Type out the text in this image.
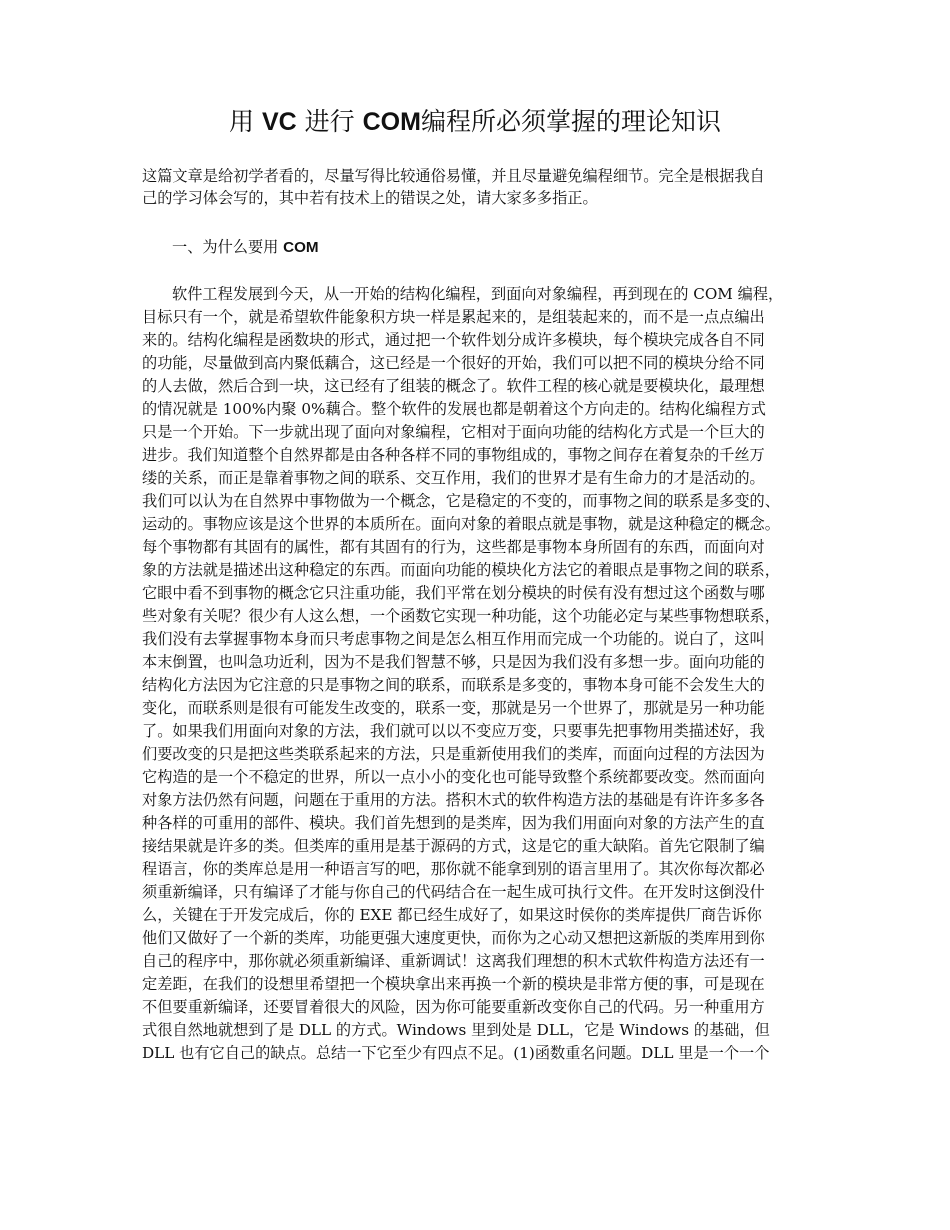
用 VC 进行 COM编程所必须掌握的理论知识
这篇文章是给初学者看的，尽量写得比较通俗易懂，并且尽量避免编程细节。完全是根据我自
己的学习体会写的，其中若有技术上的错误之处，请大家多多指正。
一、为什么要用 COM
软件工程发展到今天，从一开始的结构化编程，到面向对象编程，再到现在的 COM 编程，
目标只有一个，就是希望软件能象积方块一样是累起来的，是组装起来的，而不是一点点编出
来的。结构化编程是函数块的形式，通过把一个软件划分成许多模块，每个模块完成各自不同
的功能，尽量做到高内聚低藕合，这已经是一个很好的开始，我们可以把不同的模块分给不同
的人去做，然后合到一块，这已经有了组装的概念了。软件工程的核心就是要模块化，最理想
的情况就是 100%内聚 0%藕合。整个软件的发展也都是朝着这个方向走的。结构化编程方式
只是一个开始。下一步就出现了面向对象编程，它相对于面向功能的结构化方式是一个巨大的
进步。我们知道整个自然界都是由各种各样不同的事物组成的，事物之间存在着复杂的千丝万
缕的关系，而正是靠着事物之间的联系、交互作用，我们的世界才是有生命力的才是活动的。
我们可以认为在自然界中事物做为一个概念，它是稳定的不变的，而事物之间的联系是多变的、
运动的。事物应该是这个世界的本质所在。面向对象的着眼点就是事物，就是这种稳定的概念。
每个事物都有其固有的属性，都有其固有的行为，这些都是事物本身所固有的东西，而面向对
象的方法就是描述出这种稳定的东西。而面向功能的模块化方法它的着眼点是事物之间的联系，
它眼中看不到事物的概念它只注重功能，我们平常在划分模块的时侯有没有想过这个函数与哪
些对象有关呢？很少有人这么想，一个函数它实现一种功能，这个功能必定与某些事物想联系，
我们没有去掌握事物本身而只考虑事物之间是怎么相互作用而完成一个功能的。说白了，这叫
本末倒置，也叫急功近利，因为不是我们智慧不够，只是因为我们没有多想一步。面向功能的
结构化方法因为它注意的只是事物之间的联系，而联系是多变的，事物本身可能不会发生大的
变化，而联系则是很有可能发生改变的，联系一变，那就是另一个世界了，那就是另一种功能
了。如果我们用面向对象的方法，我们就可以以不变应万变，只要事先把事物用类描述好，我
们要改变的只是把这些类联系起来的方法，只是重新使用我们的类库，而面向过程的方法因为
它构造的是一个不稳定的世界，所以一点小小的变化也可能导致整个系统都要改变。然而面向
对象方法仍然有问题，问题在于重用的方法。搭积木式的软件构造方法的基础是有许许多多各
种各样的可重用的部件、模块。我们首先想到的是类库，因为我们用面向对象的方法产生的直
接结果就是许多的类。但类库的重用是基于源码的方式，这是它的重大缺陷。首先它限制了编
程语言，你的类库总是用一种语言写的吧，那你就不能拿到别的语言里用了。其次你每次都必
须重新编译，只有编译了才能与你自己的代码结合在一起生成可执行文件。在开发时这倒没什
么，关键在于开发完成后，你的 EXE 都已经生成好了，如果这时侯你的类库提供厂商告诉你
他们又做好了一个新的类库，功能更强大速度更快，而你为之心动又想把这新版的类库用到你
自己的程序中，那你就必须重新编译、重新调试！这离我们理想的积木式软件构造方法还有一
定差距，在我们的设想里希望把一个模块拿出来再换一个新的模块是非常方便的事，可是现在
不但要重新编译，还要冒着很大的风险，因为你可能要重新改变你自己的代码。另一种重用方
式很自然地就想到了是 DLL 的方式。Windows 里到处是 DLL，它是 Windows 的基础，但
DLL 也有它自己的缺点。总结一下它至少有四点不足。(1)函数重名问题。DLL 里是一个一个
